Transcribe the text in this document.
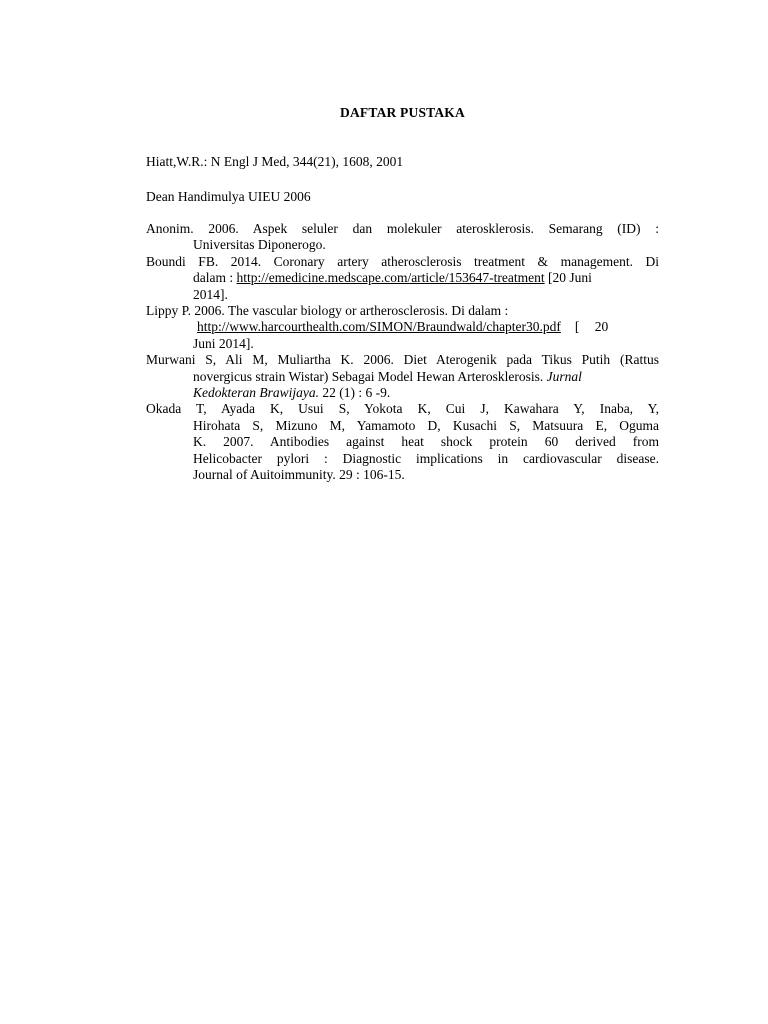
DAFTAR PUSTAKA
Hiatt,W.R.: N Engl J Med, 344(21), 1608, 2001
Dean Handimulya UIEU 2006
Anonim. 2006. Aspek seluler dan molekuler aterosklerosis. Semarang (ID) :
Universitas Diponerogo.
Boundi FB. 2014. Coronary artery atherosclerosis treatment & management. Di
dalam : http://emedicine.medscape.com/article/153647-treatment [20 Juni
2014].
Lippy P. 2006. The vascular biology or artherosclerosis. Di dalam :
http://www.harcourthealth.com/SIMON/Braundwald/chapter30.pdf [ 20
Juni 2014].
Murwani S, Ali M, Muliartha K. 2006. Diet Aterogenik pada Tikus Putih (Rattus
novergicus strain Wistar) Sebagai Model Hewan Arterosklerosis. Jurnal
Kedokteran Brawijaya. 22 (1) : 6 -9.
Okada T, Ayada K, Usui S, Yokota K, Cui J, Kawahara Y, Inaba, Y,
Hirohata S, Mizuno M, Yamamoto D, Kusachi S, Matsuura E, Oguma
K. 2007. Antibodies against heat shock protein 60 derived from
Helicobacter pylori : Diagnostic implications in cardiovascular disease.
Journal of Auitoimmunity. 29 : 106-15.
